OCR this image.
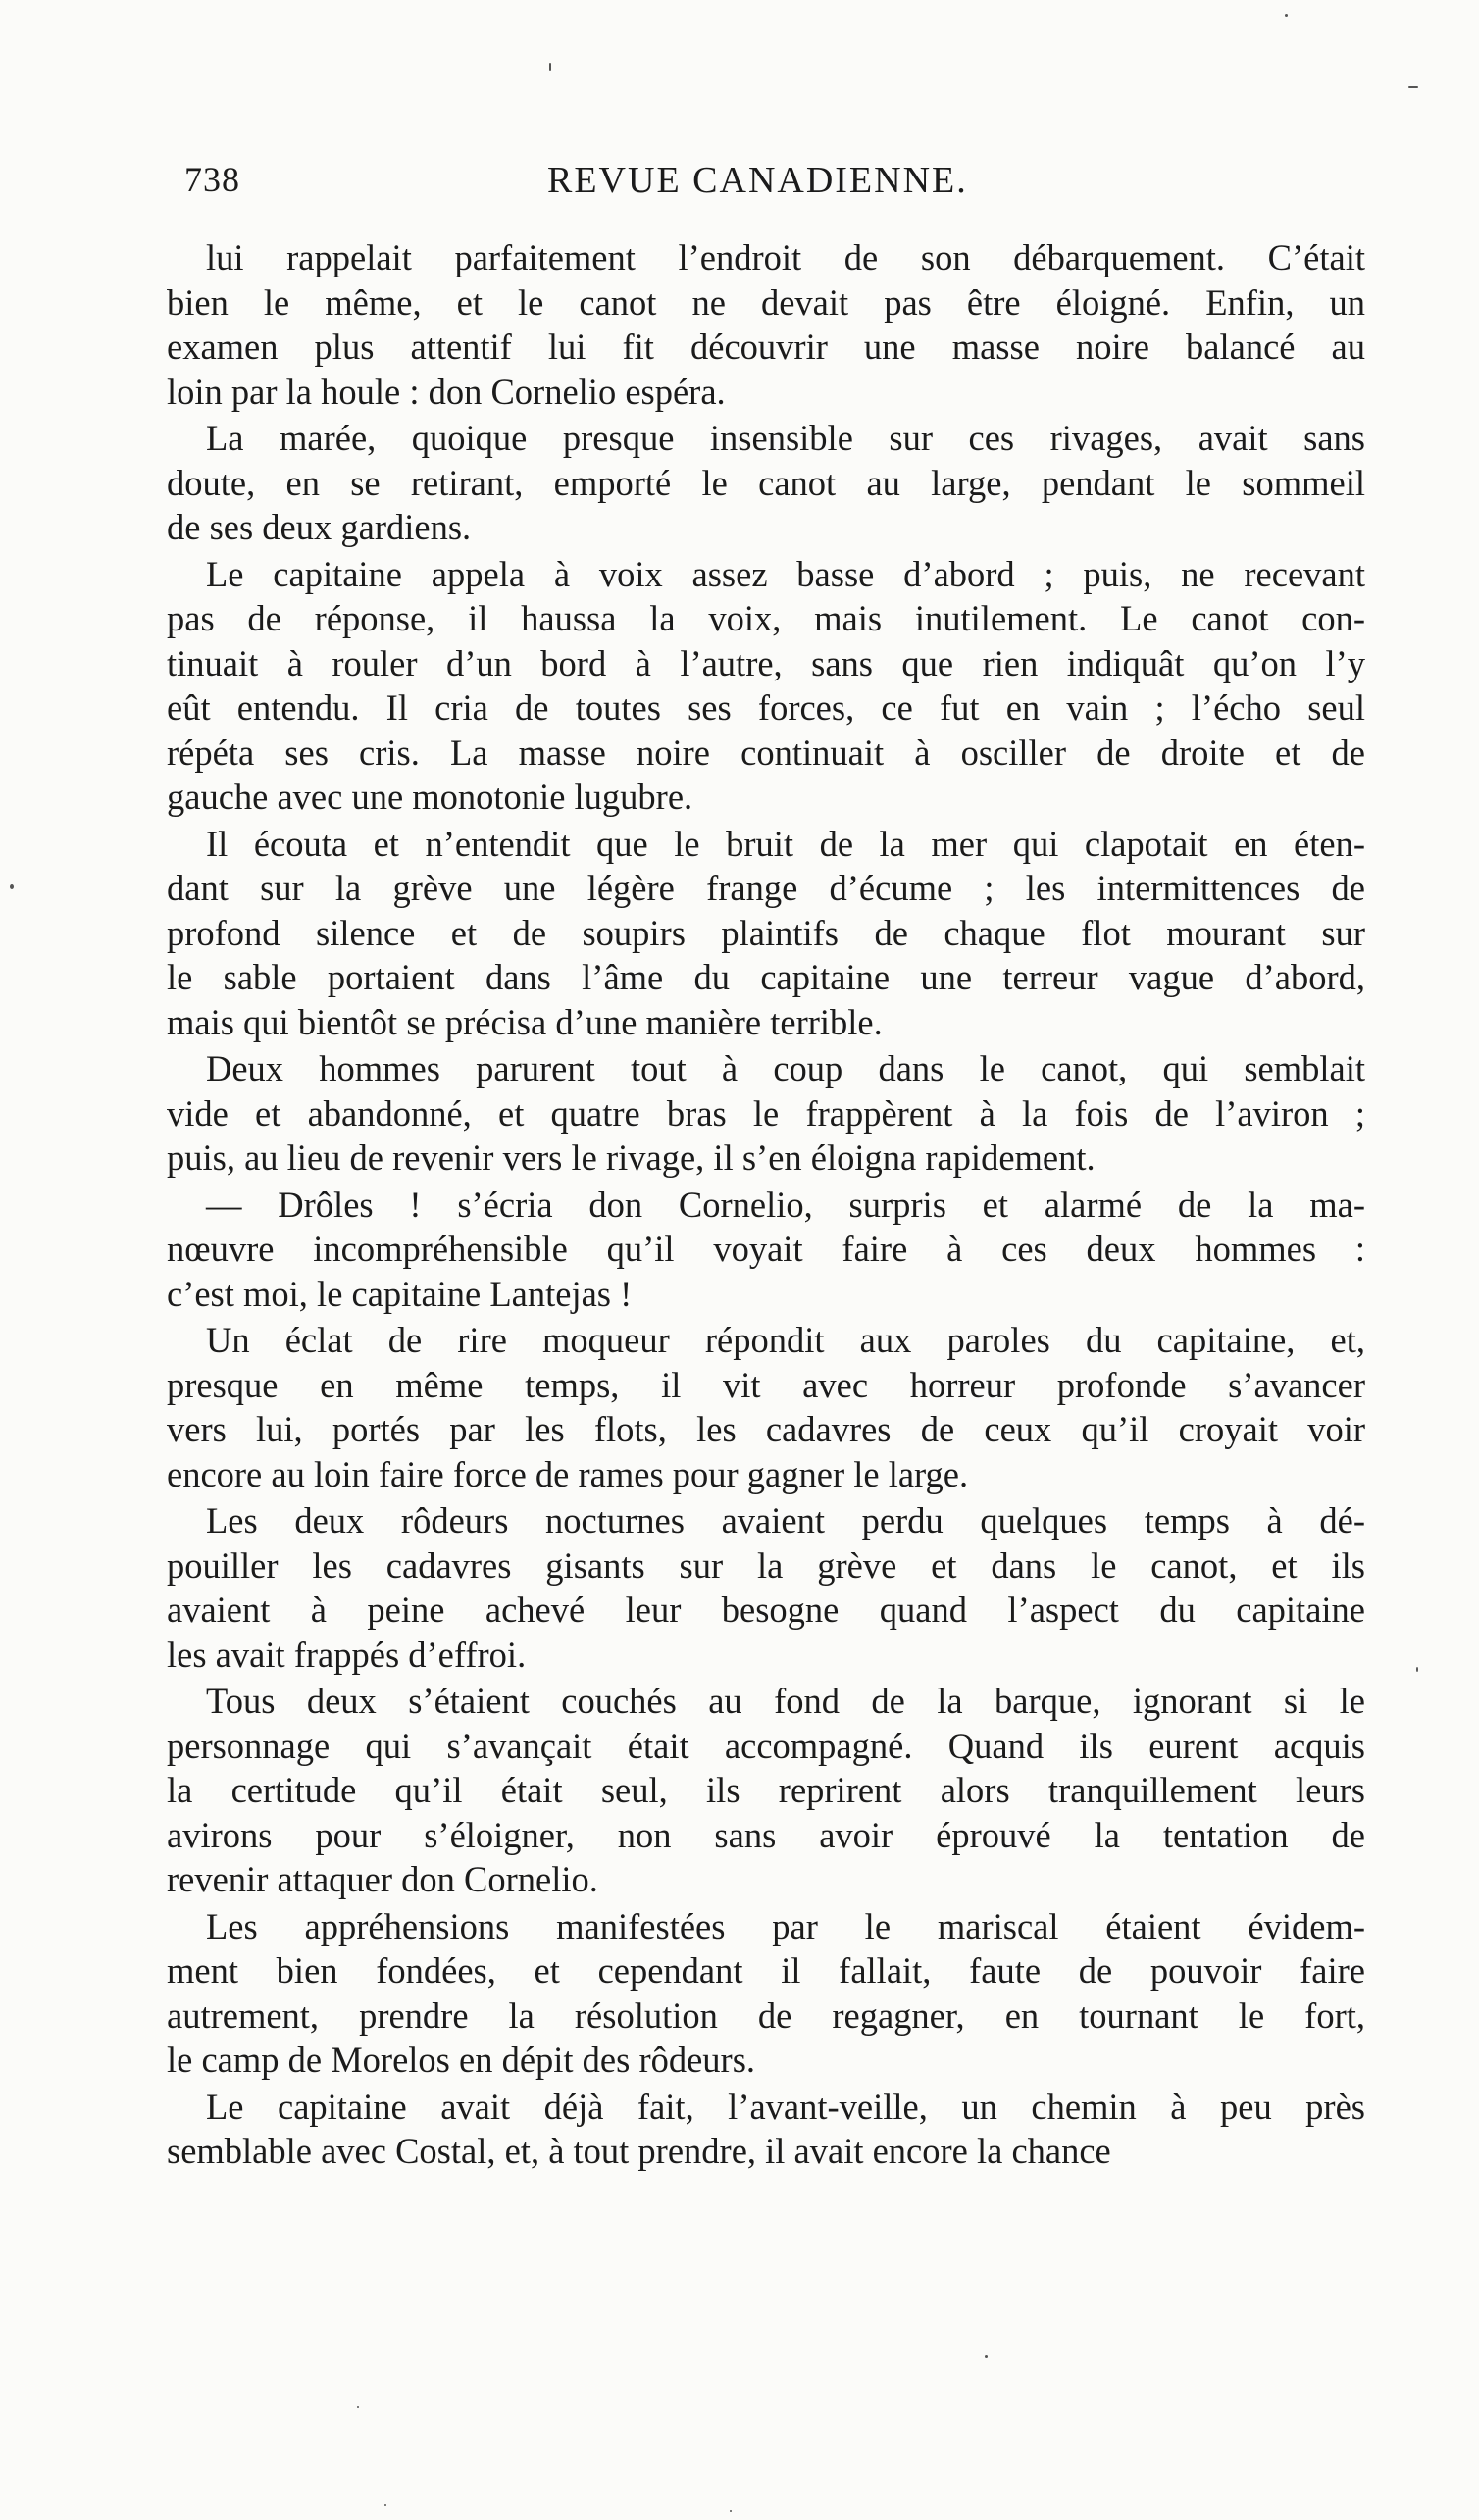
738	REVUE CANADIENNE.

lui rappelait parfaitement l’endroit de son débarquement. C’était
bien le même, et le canot ne devait pas être éloigné. Enfin, un
examen plus attentif lui fit découvrir une masse noire balancé au
loin par la houle : don Cornelio espéra.

La marée, quoique presque insensible sur ces rivages, avait sans
doute, en se retirant, emporté le canot au large, pendant le sommeil
de ses deux gardiens.

Le capitaine appela à voix assez basse d’abord ; puis, ne recevant
pas de réponse, il haussa la voix, mais inutilement. Le canot con-
tinuait à rouler d’un bord à l’autre, sans que rien indiquât qu’on l’y
eût entendu. Il cria de toutes ses forces, ce fut en vain ; l’écho seul
répéta ses cris. La masse noire continuait à osciller de droite et de
gauche avec une monotonie lugubre.

Il écouta et n’entendit que le bruit de la mer qui clapotait en éten-
dant sur la grève une légère frange d’écume ; les intermittences de
profond silence et de soupirs plaintifs de chaque flot mourant sur
le sable portaient dans l’âme du capitaine une terreur vague d’abord,
mais qui bientôt se précisa d’une manière terrible.

Deux hommes parurent tout à coup dans le canot, qui semblait
vide et abandonné, et quatre bras le frappèrent à la fois de l’aviron ;
puis, au lieu de revenir vers le rivage, il s’en éloigna rapidement.

— Drôles ! s’écria don Cornelio, surpris et alarmé de la ma-
nœuvre incompréhensible qu’il voyait faire à ces deux hommes :
c’est moi, le capitaine Lantejas !

Un éclat de rire moqueur répondit aux paroles du capitaine, et,
presque en même temps, il vit avec horreur profonde s’avancer
vers lui, portés par les flots, les cadavres de ceux qu’il croyait voir
encore au loin faire force de rames pour gagner le large.

Les deux rôdeurs nocturnes avaient perdu quelques temps à dé-
pouiller les cadavres gisants sur la grève et dans le canot, et ils
avaient à peine achevé leur besogne quand l’aspect du capitaine
les avait frappés d’effroi.

Tous deux s’étaient couchés au fond de la barque, ignorant si le
personnage qui s’avançait était accompagné. Quand ils eurent acquis
la certitude qu’il était seul, ils reprirent alors tranquillement leurs
avirons pour s’éloigner, non sans avoir éprouvé la tentation de
revenir attaquer don Cornelio.

Les appréhensions manifestées par le mariscal étaient évidem-
ment bien fondées, et cependant il fallait, faute de pouvoir faire
autrement, prendre la résolution de regagner, en tournant le fort,
le camp de Morelos en dépit des rôdeurs.

Le capitaine avait déjà fait, l’avant-veille, un chemin à peu près
semblable avec Costal, et, à tout prendre, il avait encore la chance
